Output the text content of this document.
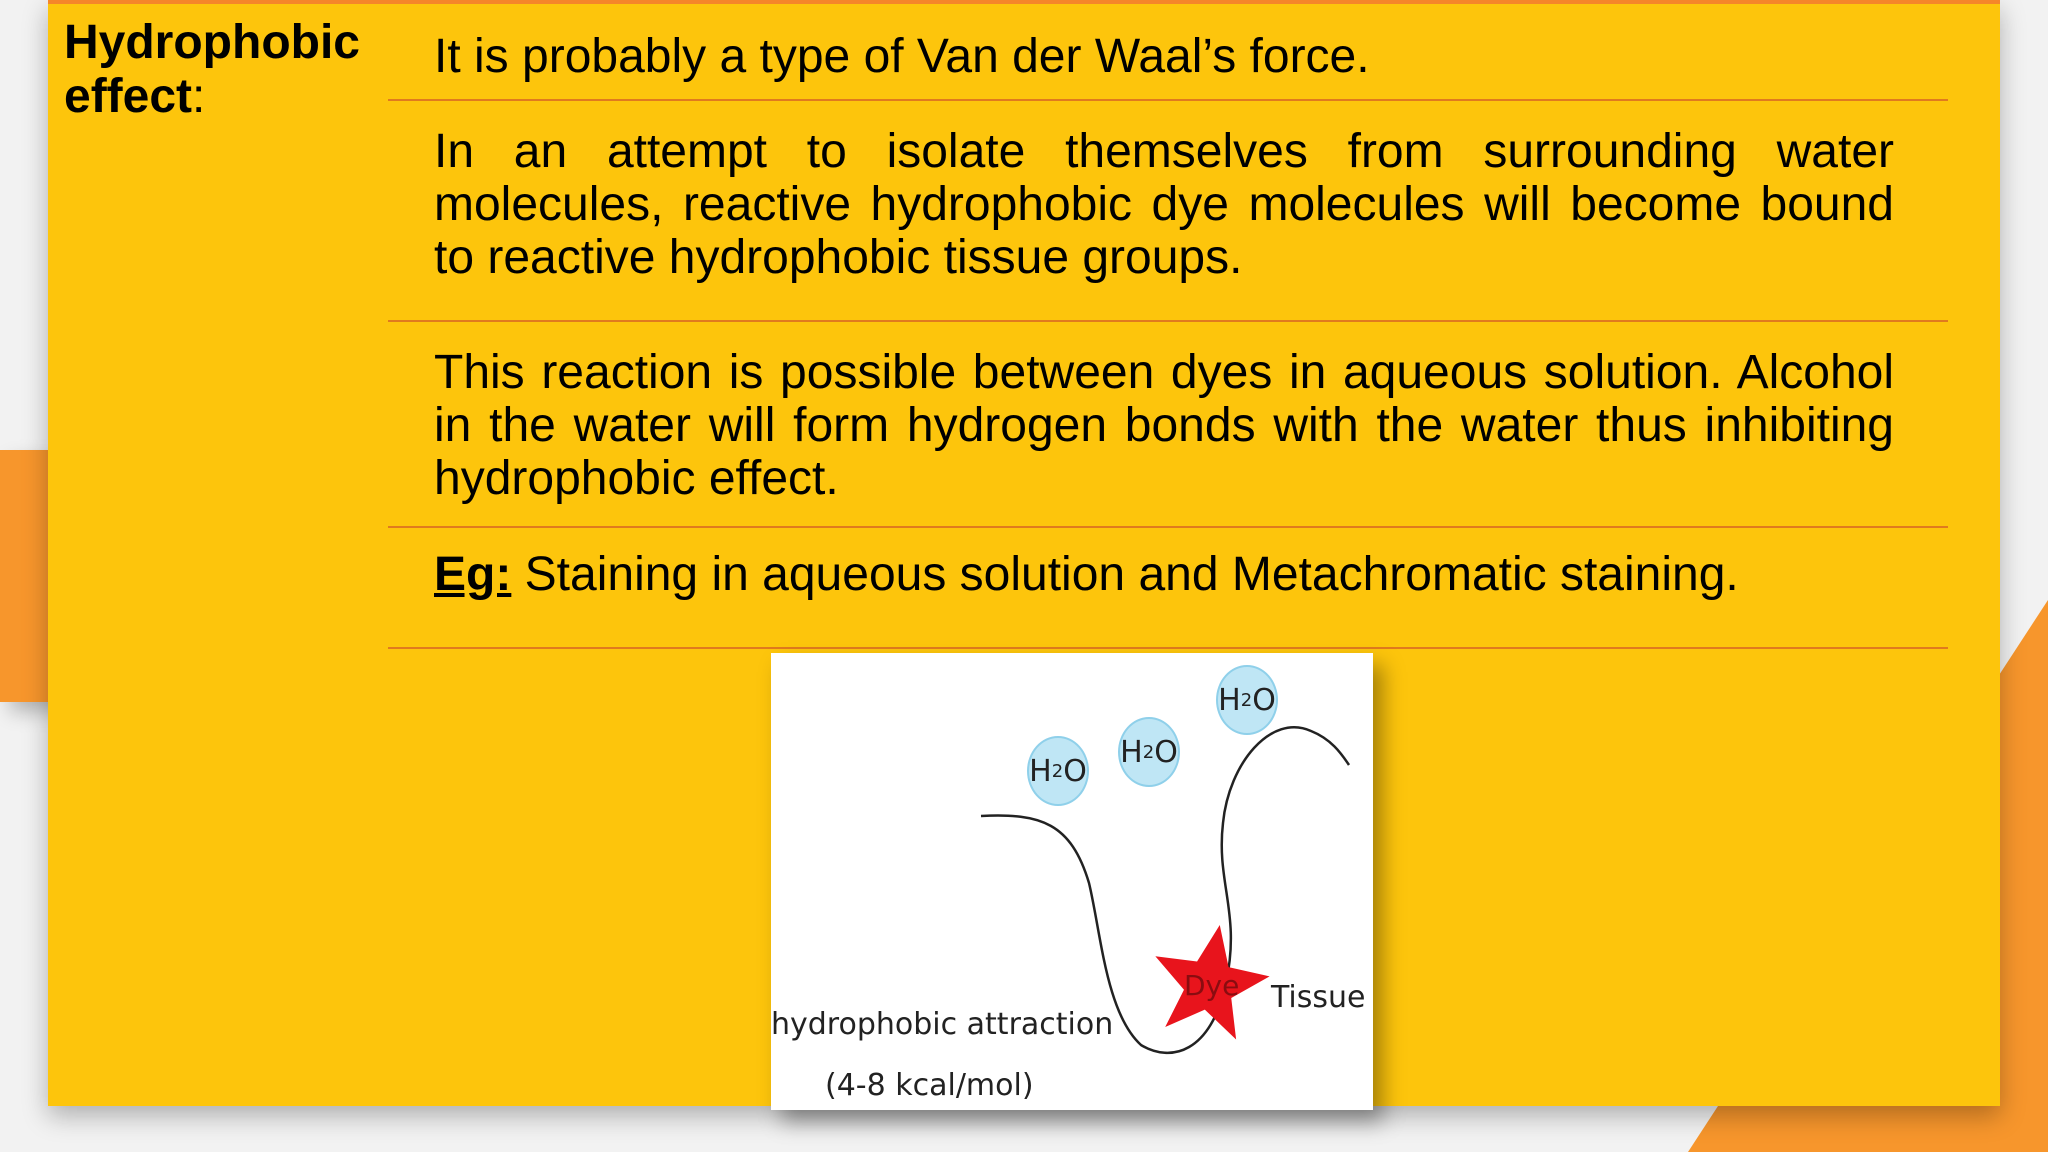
Hydrophobic effect:

It is probably a type of Van der Waal’s force.

In an attempt to isolate themselves from surrounding water molecules, reactive hydrophobic dye molecules will become bound to reactive hydrophobic tissue groups.

This reaction is possible between dyes in aqueous solution. Alcohol in the water will form hydrogen bonds with the water thus inhibiting hydrophobic effect.

Eg: Staining in aqueous solution and Metachromatic staining.

H 2 O
H 2 O
H 2 O
Dye Tissue
hydrophobic attraction
(4-8 kcal/mol)
